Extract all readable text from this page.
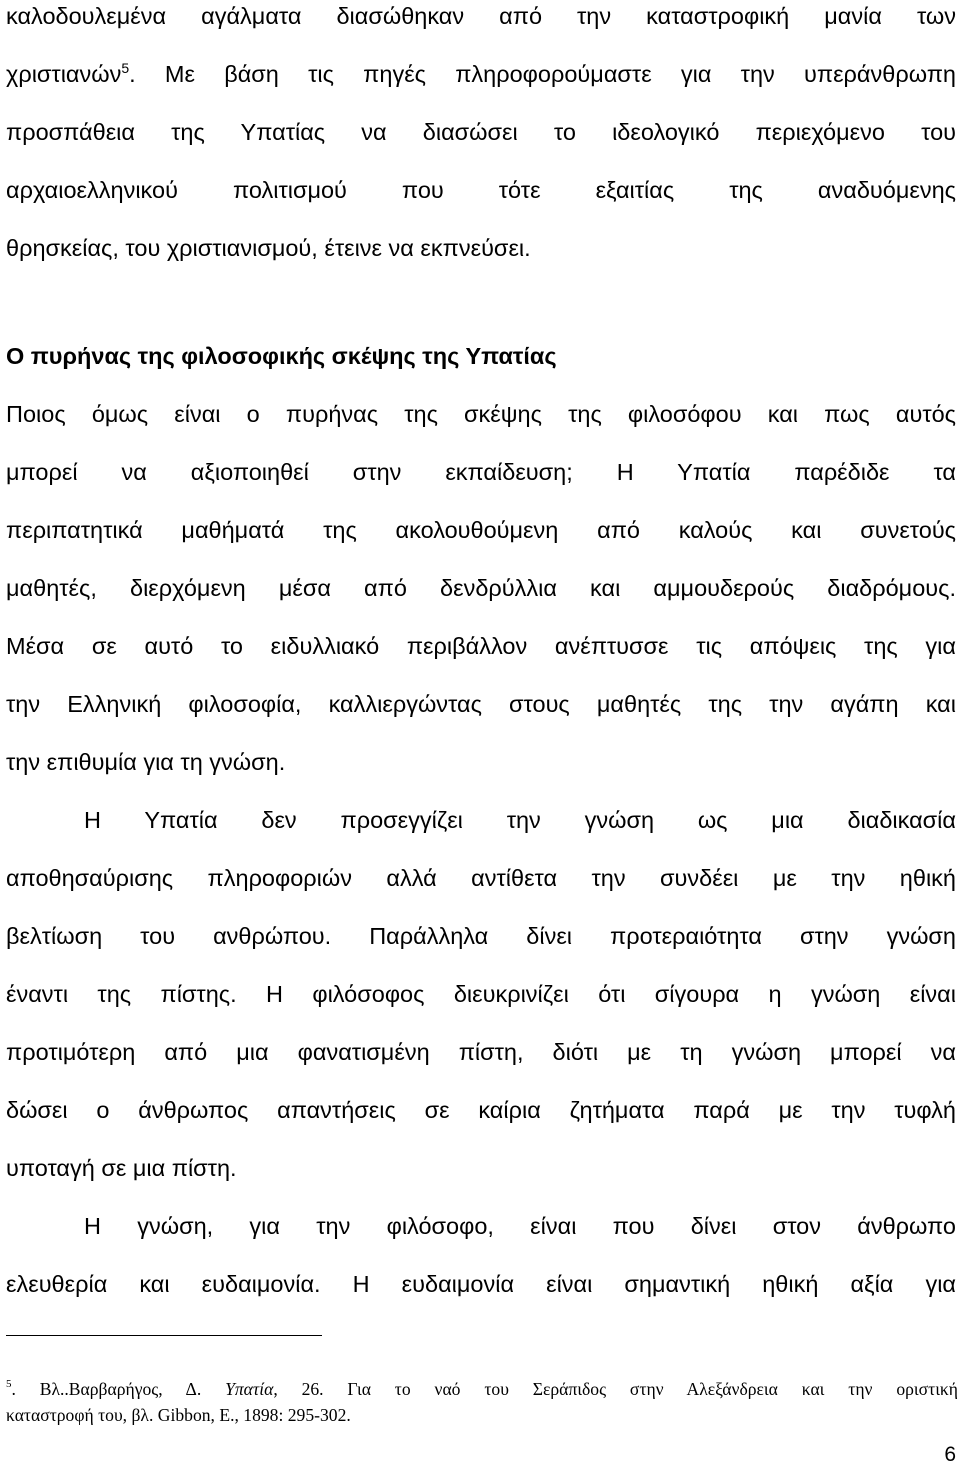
καλοδουλεμένα αγάλματα διασώθηκαν από την καταστροφική μανία των
χριστιανών$^5$. Με βάση τις πηγές πληροφορούμαστε για την υπεράνθρωπη
προσπάθεια της Υπατίας να διασώσει το ιδεολογικό περιεχόμενο του
αρχαιοελληνικού πολιτισμού που τότε εξαιτίας της αναδυόμενης
θρησκείας, του χριστιανισμού, έτεινε να εκπνεύσει.
Ο πυρήνας της φιλοσοφικής σκέψης της Υπατίας
Ποιος όμως είναι ο πυρήνας της σκέψης της φιλοσόφου και πως αυτός
μπορεί να αξιοποιηθεί στην εκπαίδευση; Η Υπατία παρέδιδε τα
περιπατητικά μαθήματά της ακολουθούμενη από καλούς και συνετούς
μαθητές, διερχόμενη μέσα από δενδρύλλια και αμμουδερούς διαδρόμους.
Μέσα σε αυτό το ειδυλλιακό περιβάλλον ανέπτυσσε τις απόψεις της για
την Ελληνική φιλοσοφία, καλλιεργώντας στους μαθητές της την αγάπη και
την επιθυμία για τη γνώση.
Η Υπατία δεν προσεγγίζει την γνώση ως μια διαδικασία
αποθησαύρισης πληροφοριών αλλά αντίθετα την συνδέει με την ηθική
βελτίωση του ανθρώπου. Παράλληλα δίνει προτεραιότητα στην γνώση
έναντι της πίστης. Η φιλόσοφος διευκρινίζει ότι σίγουρα η γνώση είναι
προτιμότερη από μια φανατισμένη πίστη, διότι με τη γνώση μπορεί να
δώσει ο άνθρωπος απαντήσεις σε καίρια ζητήματα παρά με την τυφλή
υποταγή σε μια πίστη.
Η γνώση, για την φιλόσοφο, είναι που δίνει στον άνθρωπο
ελευθερία και ευδαιμονία. Η ευδαιμονία είναι σημαντική ηθική αξία για
$^5$. Βλ..Βαρβαρήγος, Δ. Υπατία, 26. Για το ναό του Σεράπιδος στην Αλεξάνδρεια και την οριστική
καταστροφή του, βλ. Gibbon, E., 1898: 295-302.
6
